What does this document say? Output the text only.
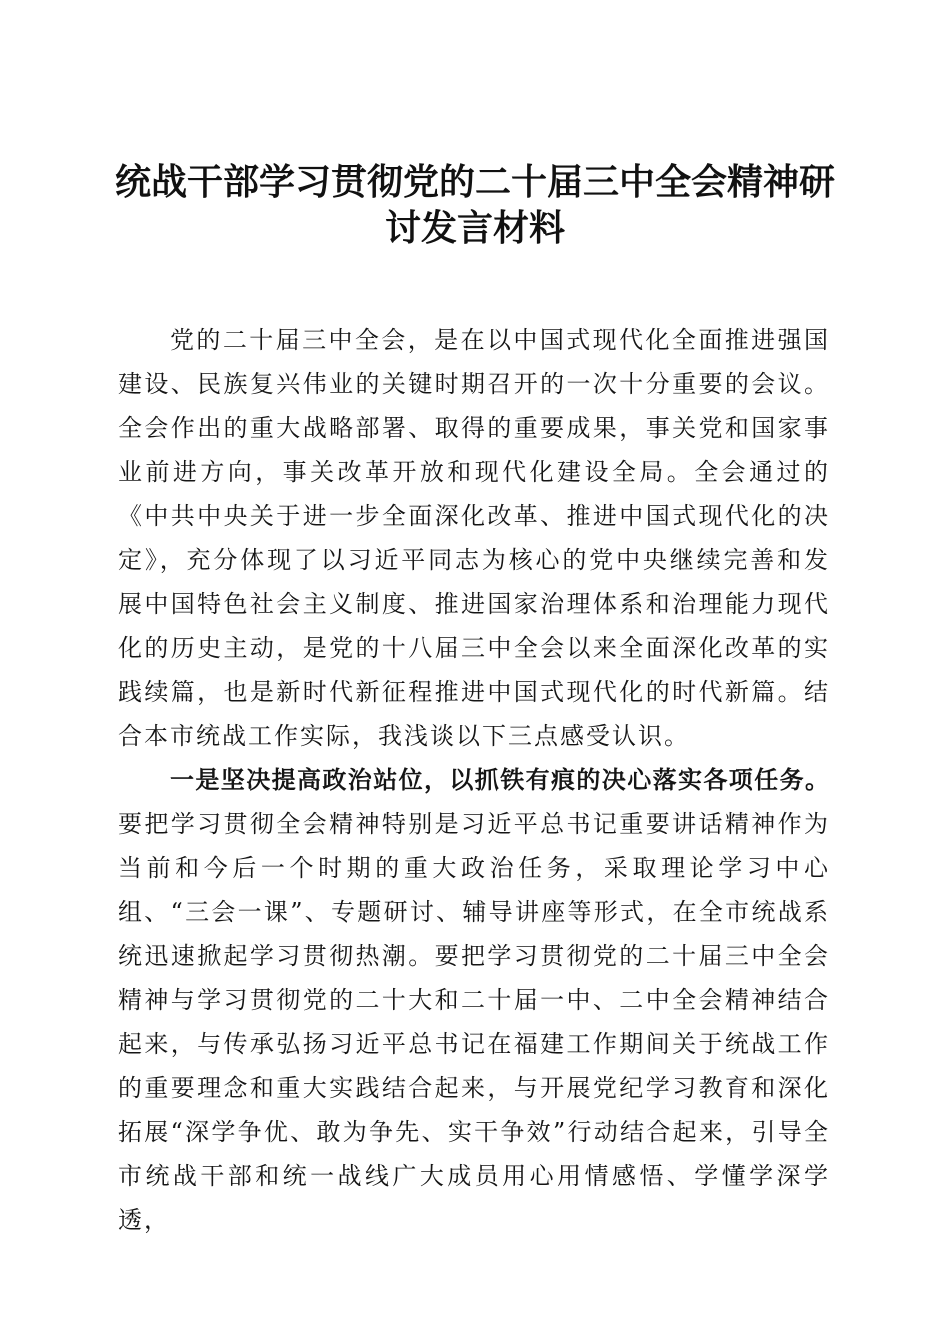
统战干部学习贯彻党的二十届三中全会精神研讨发言材料

党的二十届三中全会，是在以中国式现代化全面推进强国建设、民族复兴伟业的关键时期召开的一次十分重要的会议。全会作出的重大战略部署、取得的重要成果，事关党和国家事业前进方向，事关改革开放和现代化建设全局。全会通过的《中共中央关于进一步全面深化改革、推进中国式现代化的决定》，充分体现了以习近平同志为核心的党中央继续完善和发展中国特色社会主义制度、推进国家治理体系和治理能力现代化的历史主动，是党的十八届三中全会以来全面深化改革的实践续篇，也是新时代新征程推进中国式现代化的时代新篇。结合本市统战工作实际，我浅谈以下三点感受认识。

一是坚决提高政治站位，以抓铁有痕的决心落实各项任务。要把学习贯彻全会精神特别是习近平总书记重要讲话精神作为当前和今后一个时期的重大政治任务，采取理论学习中心组、“三会一课”、专题研讨、辅导讲座等形式，在全市统战系统迅速掀起学习贯彻热潮。要把学习贯彻党的二十届三中全会精神与学习贯彻党的二十大和二十届一中、二中全会精神结合起来，与传承弘扬习近平总书记在福建工作期间关于统战工作的重要理念和重大实践结合起来，与开展党纪学习教育和深化拓展“深学争优、敢为争先、实干争效”行动结合起来，引导全市统战干部和统一战线广大成员用心用情感悟、学懂学深学透，
